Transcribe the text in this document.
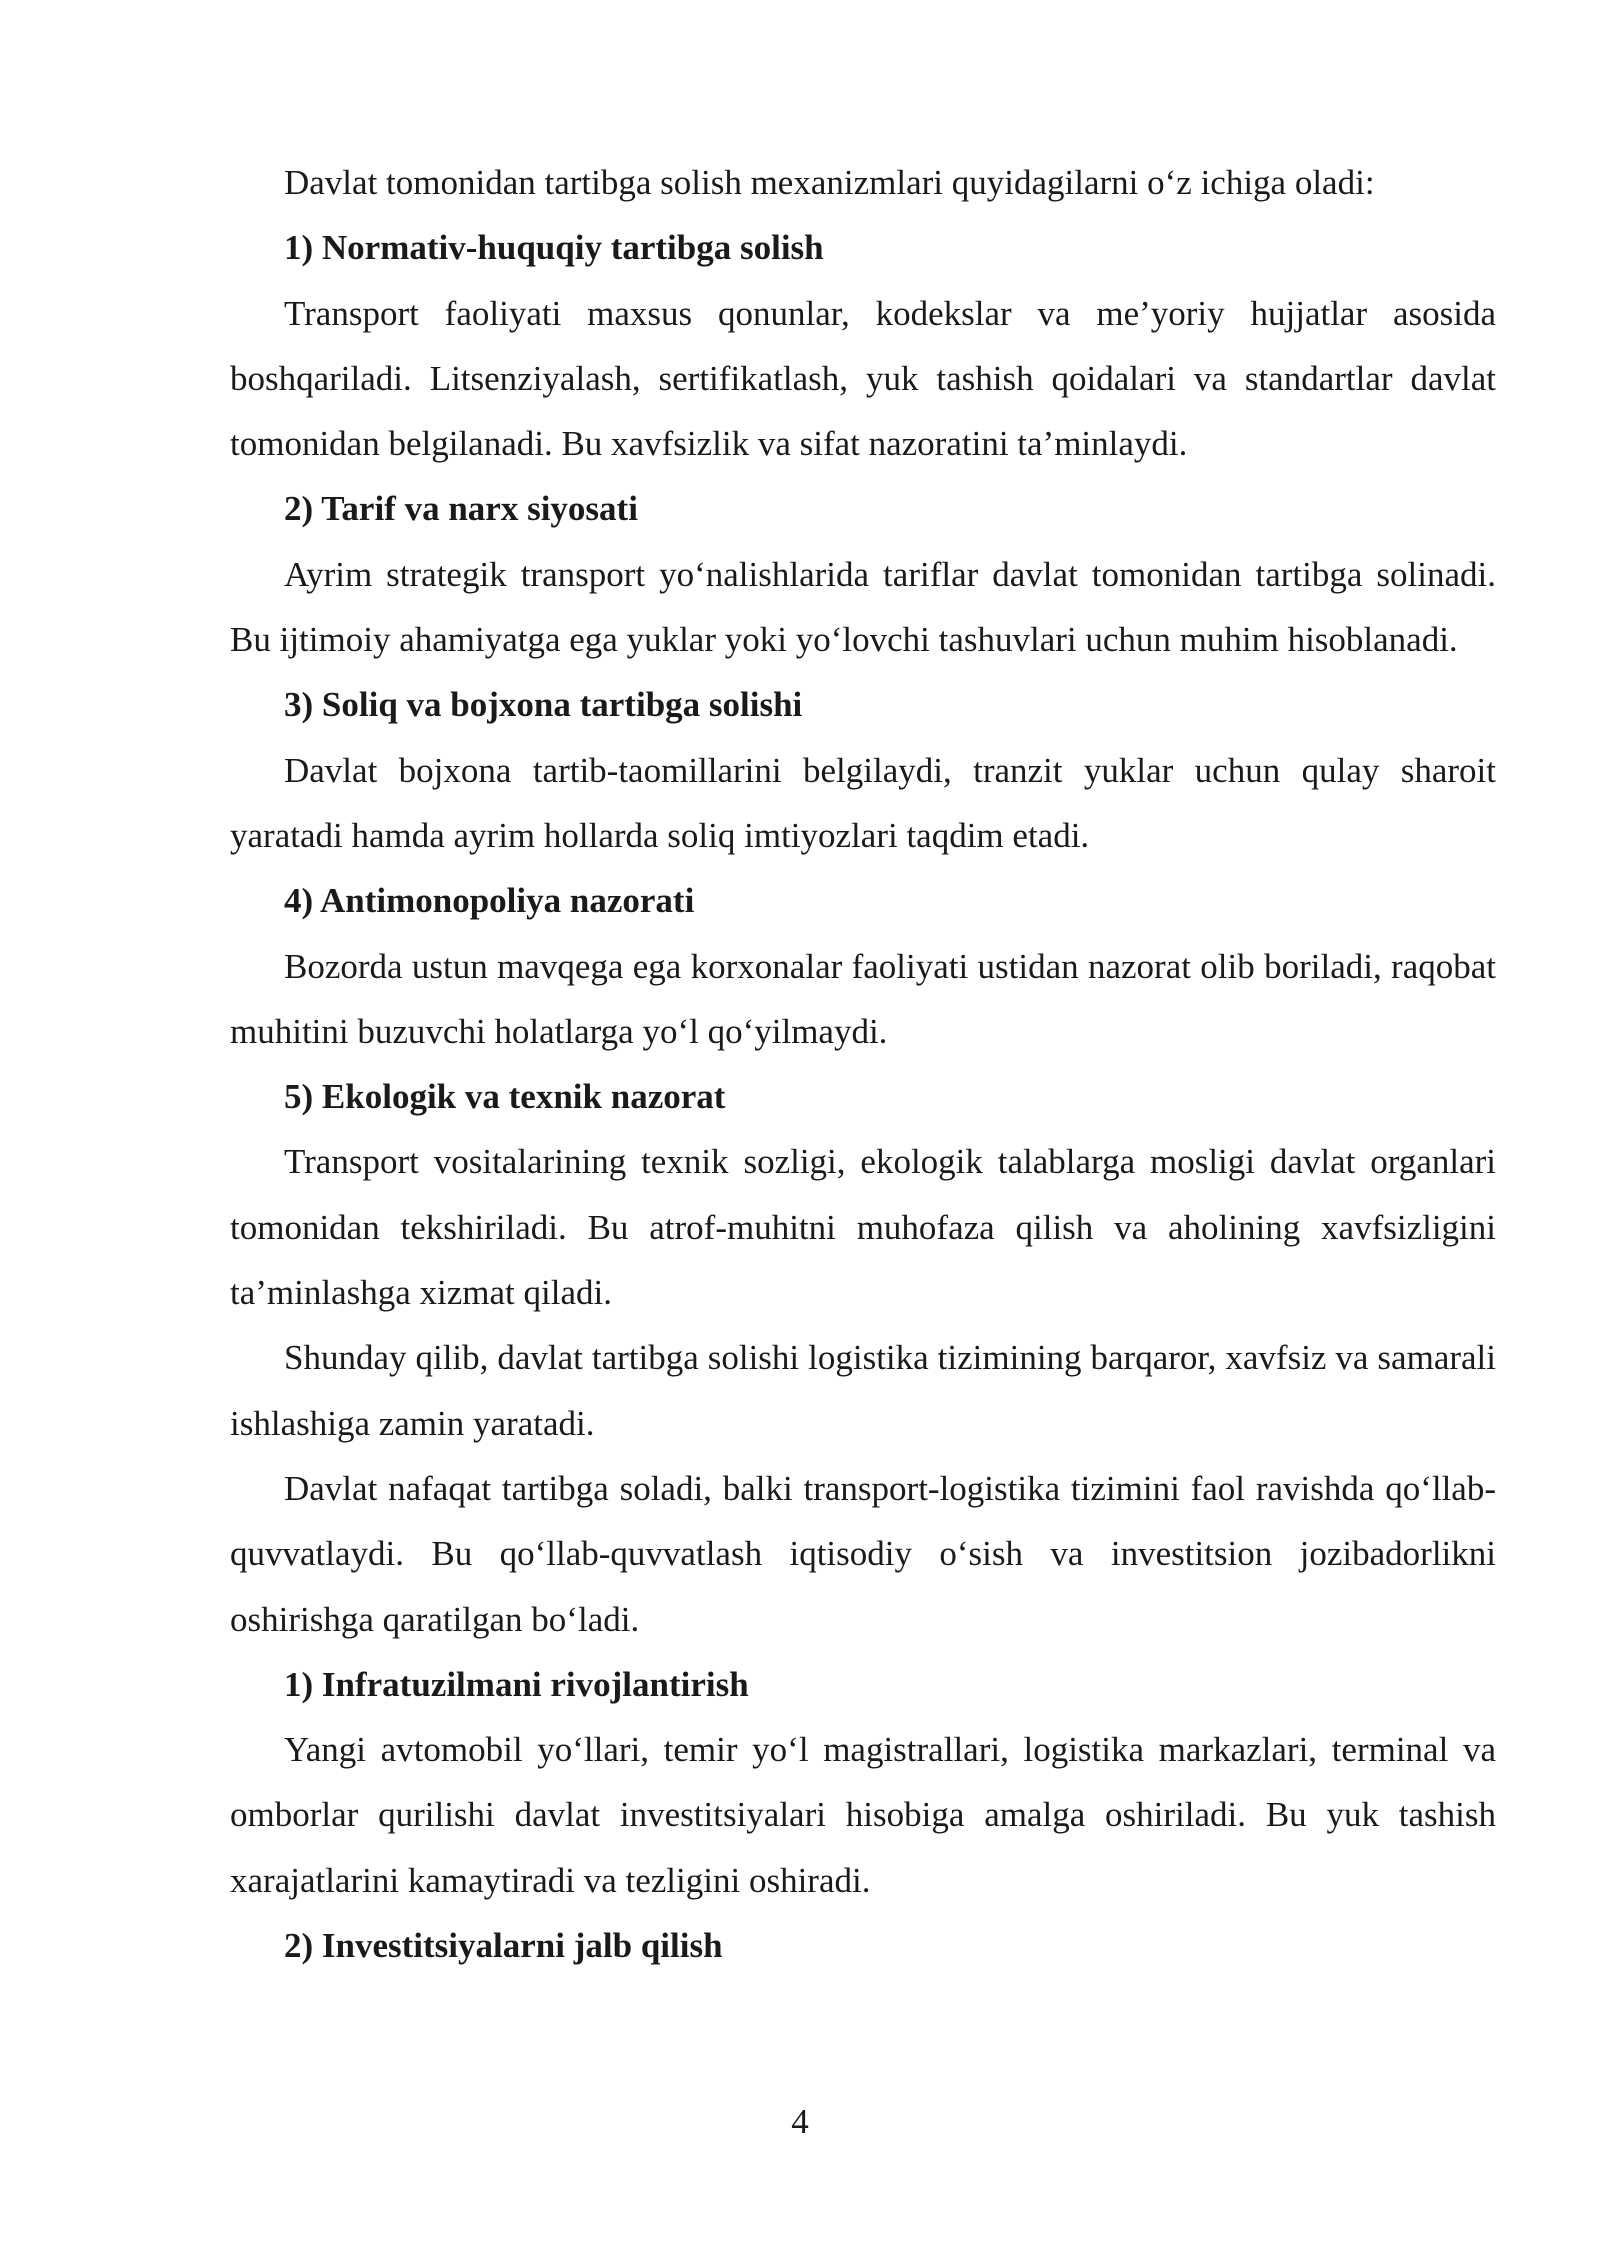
Davlat tomonidan tartibga solish mexanizmlari quyidagilarni o‘z ichiga oladi:

1) Normativ-huquqiy tartibga solish

Transport faoliyati maxsus qonunlar, kodekslar va me’yoriy hujjatlar asosida boshqariladi. Litsenziyalash, sertifikatlash, yuk tashish qoidalari va standartlar davlat tomonidan belgilanadi. Bu xavfsizlik va sifat nazoratini ta’minlaydi.

2) Tarif va narx siyosati

Ayrim strategik transport yo‘nalishlarida tariflar davlat tomonidan tartibga solinadi. Bu ijtimoiy ahamiyatga ega yuklar yoki yo‘lovchi tashuvlari uchun muhim hisoblanadi.

3) Soliq va bojxona tartibga solishi

Davlat bojxona tartib-taomillarini belgilaydi, tranzit yuklar uchun qulay sharoit yaratadi hamda ayrim hollarda soliq imtiyozlari taqdim etadi.

4) Antimonopoliya nazorati

Bozorda ustun mavqega ega korxonalar faoliyati ustidan nazorat olib boriladi, raqobat muhitini buzuvchi holatlarga yo‘l qo‘yilmaydi.

5) Ekologik va texnik nazorat

Transport vositalarining texnik sozligi, ekologik talablarga mosligi davlat organlari tomonidan tekshiriladi. Bu atrof-muhitni muhofaza qilish va aholining xavfsizligini ta’minlashga xizmat qiladi.

Shunday qilib, davlat tartibga solishi logistika tizimining barqaror, xavfsiz va samarali ishlashiga zamin yaratadi.

Davlat nafaqat tartibga soladi, balki transport-logistika tizimini faol ravishda qo‘llab-quvvatlaydi. Bu qo‘llab-quvvatlash iqtisodiy o‘sish va investitsion jozibadorlikni oshirishga qaratilgan bo‘ladi.

1) Infratuzilmani rivojlantirish

Yangi avtomobil yo‘llari, temir yo‘l magistrallari, logistika markazlari, terminal va omborlar qurilishi davlat investitsiyalari hisobiga amalga oshiriladi. Bu yuk tashish xarajatlarini kamaytiradi va tezligini oshiradi.

2) Investitsiyalarni jalb qilish

4
